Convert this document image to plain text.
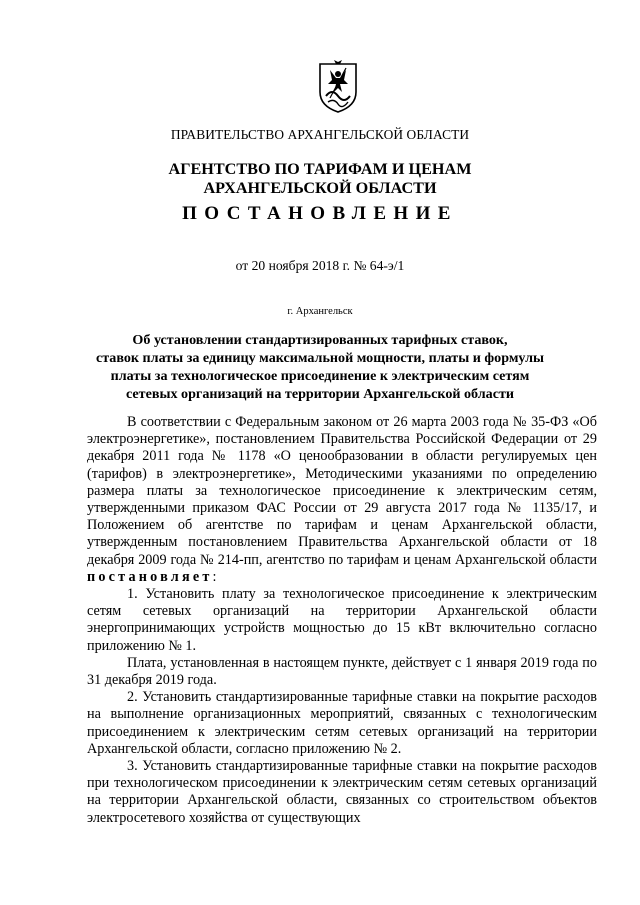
ПРАВИТЕЛЬСТВО АРХАНГЕЛЬСКОЙ ОБЛАСТИ
АГЕНТСТВО ПО ТАРИФАМ И ЦЕНАМ
АРХАНГЕЛЬСКОЙ ОБЛАСТИ
ПОСТАНОВЛЕНИЕ
от 20 ноября 2018 г. № 64-э/1
г. Архангельск
Об установлении стандартизированных тарифных ставок,
ставок платы за единицу максимальной мощности, платы и формулы
платы за технологическое присоединение к электрическим сетям
сетевых организаций на территории Архангельской области

В соответствии с Федеральным законом от 26 марта 2003 года № 35-ФЗ «Об электроэнергетике», постановлением Правительства Российской Федерации от 29 декабря 2011 года № 1178 «О ценообразовании в области регулируемых цен (тарифов) в электроэнергетике», Методическими указаниями по определению размера платы за технологическое присоединение к электрическим сетям, утвержденными приказом ФАС России от 29 августа 2017 года № 1135/17, и Положением об агентстве по тарифам и ценам Архангельской области, утвержденным постановлением Правительства Архангельской области от 18 декабря 2009 года № 214-пп, агентство по тарифам и ценам Архангельской области постановляет:

1. Установить плату за технологическое присоединение к электрическим сетям сетевых организаций на территории Архангельской области энергопринимающих устройств мощностью до 15 кВт включительно согласно приложению № 1.

Плата, установленная в настоящем пункте, действует с 1 января 2019 года по 31 декабря 2019 года.

2. Установить стандартизированные тарифные ставки на покрытие расходов на выполнение организационных мероприятий, связанных с технологическим присоединением к электрическим сетям сетевых организаций на территории Архангельской области, согласно приложению № 2.

3. Установить стандартизированные тарифные ставки на покрытие расходов при технологическом присоединении к электрическим сетям сетевых организаций на территории Архангельской области, связанных со строительством объектов электросетевого хозяйства от существующих
